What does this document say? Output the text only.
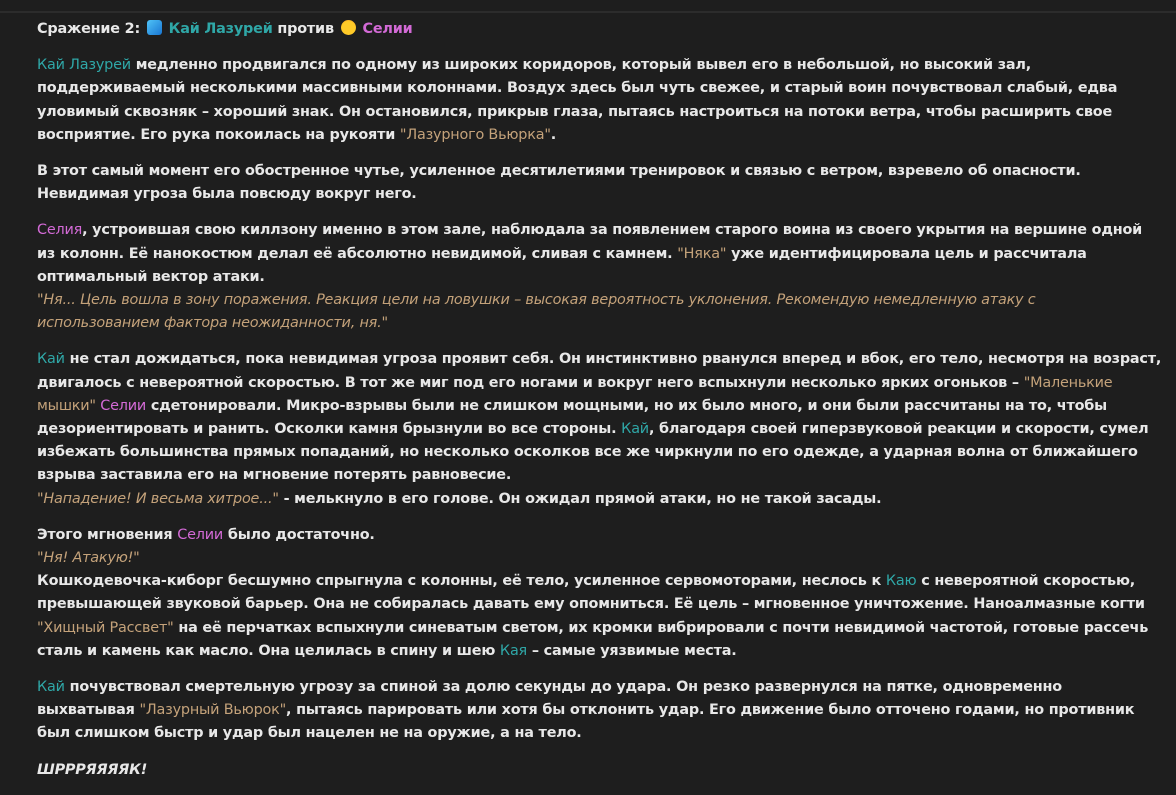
Сражение 2: Кай Лазурей против Селии

Кай Лазурей медленно продвигался по одному из широких коридоров, который вывел его в небольшой, но высокий зал, поддерживаемый несколькими массивными колоннами. Воздух здесь был чуть свежее, и старый воин почувствовал слабый, едва уловимый сквозняк – хороший знак. Он остановился, прикрыв глаза, пытаясь настроиться на потоки ветра, чтобы расширить свое восприятие. Его рука покоилась на рукояти "Лазурного Вьюрка".

В этот самый момент его обостренное чутье, усиленное десятилетиями тренировок и связью с ветром, взревело об опасности. Невидимая угроза была повсюду вокруг него.

Селия, устроившая свою киллзону именно в этом зале, наблюдала за появлением старого воина из своего укрытия на вершине одной из колонн. Её нанокостюм делал её абсолютно невидимой, сливая с камнем. "Няка" уже идентифицировала цель и рассчитала оптимальный вектор атаки.
"Ня... Цель вошла в зону поражения. Реакция цели на ловушки – высокая вероятность уклонения. Рекомендую немедленную атаку с использованием фактора неожиданности, ня."

Кай не стал дожидаться, пока невидимая угроза проявит себя. Он инстинктивно рванулся вперед и вбок, его тело, несмотря на возраст, двигалось с невероятной скоростью. В тот же миг под его ногами и вокруг него вспыхнули несколько ярких огоньков – "Маленькие мышки" Селии сдетонировали. Микро-взрывы были не слишком мощными, но их было много, и они были рассчитаны на то, чтобы дезориентировать и ранить. Осколки камня брызнули во все стороны. Кай, благодаря своей гиперзвуковой реакции и скорости, сумел избежать большинства прямых попаданий, но несколько осколков все же чиркнули по его одежде, а ударная волна от ближайшего взрыва заставила его на мгновение потерять равновесие.
"Нападение! И весьма хитрое..." - мелькнуло в его голове. Он ожидал прямой атаки, но не такой засады.

Этого мгновения Селии было достаточно.
"Ня! Атакую!"
Кошкодевочка-киборг бесшумно спрыгнула с колонны, её тело, усиленное сервомоторами, неслось к Каю с невероятной скоростью, превышающей звуковой барьер. Она не собиралась давать ему опомниться. Её цель – мгновенное уничтожение. Наноалмазные когти "Хищный Рассвет" на её перчатках вспыхнули синеватым светом, их кромки вибрировали с почти невидимой частотой, готовые рассечь сталь и камень как масло. Она целилась в спину и шею Кая – самые уязвимые места.

Кай почувствовал смертельную угрозу за спиной за долю секунды до удара. Он резко развернулся на пятке, одновременно выхватывая "Лазурный Вьюрок", пытаясь парировать или хотя бы отклонить удар. Его движение было отточено годами, но противник был слишком быстр и удар был нацелен не на оружие, а на тело.

ШРРРЯЯЯЯК!
